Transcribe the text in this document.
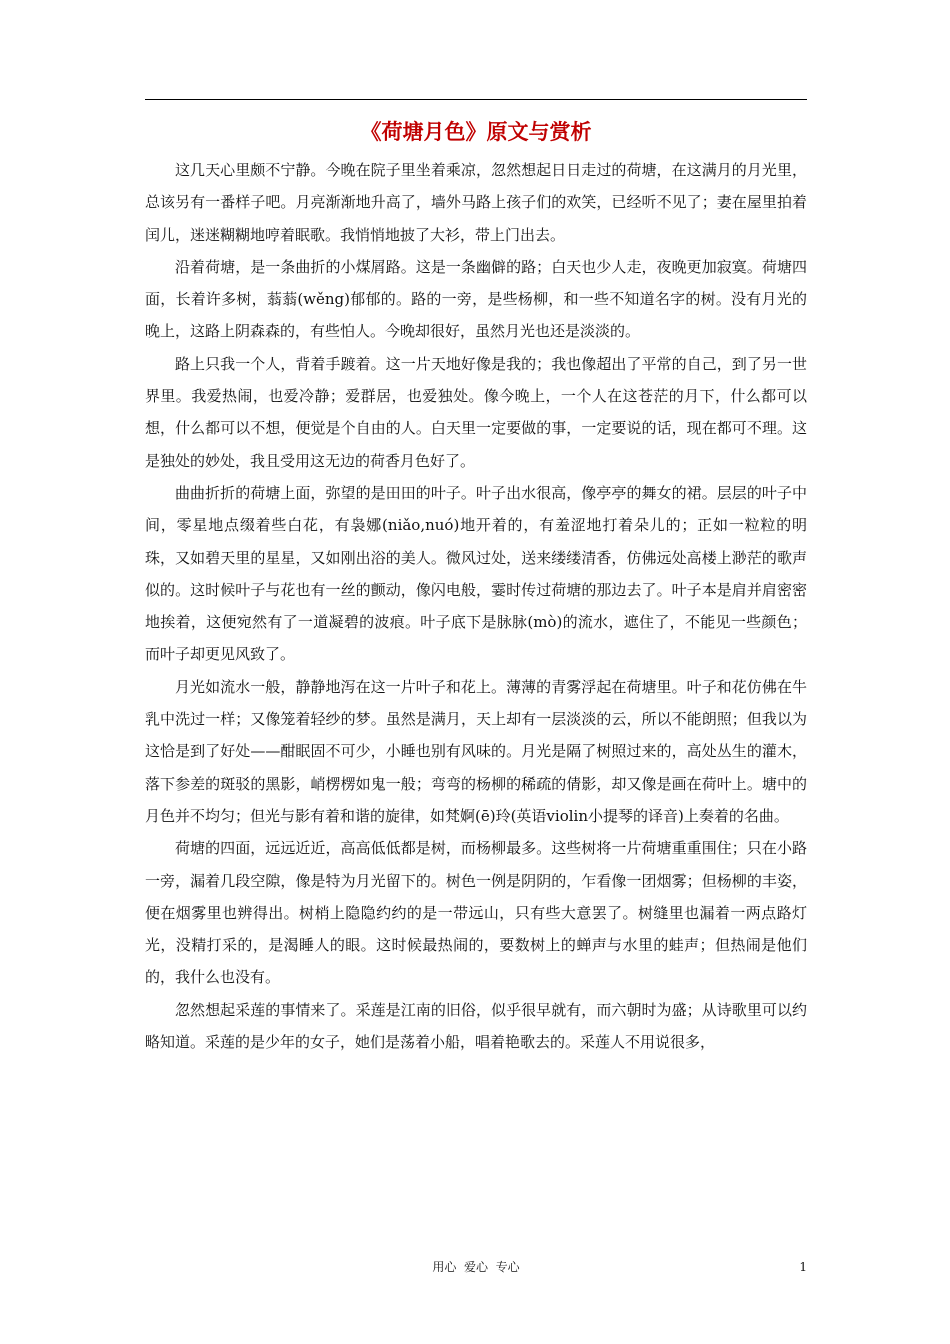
《荷塘月色》原文与赏析

这几天心里颇不宁静。今晚在院子里坐着乘凉，忽然想起日日走过的荷塘，在这满月的月光里，总该另有一番样子吧。月亮渐渐地升高了，墙外马路上孩子们的欢笑，已经听不见了；妻在屋里拍着闰儿，迷迷糊糊地哼着眠歌。我悄悄地披了大衫，带上门出去。

沿着荷塘，是一条曲折的小煤屑路。这是一条幽僻的路；白天也少人走，夜晚更加寂寞。荷塘四面，长着许多树，蓊蓊(wěng)郁郁的。路的一旁，是些杨柳，和一些不知道名字的树。没有月光的晚上，这路上阴森森的，有些怕人。今晚却很好，虽然月光也还是淡淡的。

路上只我一个人，背着手踱着。这一片天地好像是我的；我也像超出了平常的自己，到了另一世界里。我爱热闹，也爱冷静；爱群居，也爱独处。像今晚上，一个人在这苍茫的月下，什么都可以想，什么都可以不想，便觉是个自由的人。白天里一定要做的事，一定要说的话，现在都可不理。这是独处的妙处，我且受用这无边的荷香月色好了。

曲曲折折的荷塘上面，弥望的是田田的叶子。叶子出水很高，像亭亭的舞女的裙。层层的叶子中间，零星地点缀着些白花，有袅娜(niǎo,nuó)地开着的，有羞涩地打着朵儿的；正如一粒粒的明珠，又如碧天里的星星，又如刚出浴的美人。微风过处，送来缕缕清香，仿佛远处高楼上渺茫的歌声似的。这时候叶子与花也有一丝的颤动，像闪电般，霎时传过荷塘的那边去了。叶子本是肩并肩密密地挨着，这便宛然有了一道凝碧的波痕。叶子底下是脉脉(mò)的流水，遮住了，不能见一些颜色；而叶子却更见风致了。

月光如流水一般，静静地泻在这一片叶子和花上。薄薄的青雾浮起在荷塘里。叶子和花仿佛在牛乳中洗过一样；又像笼着轻纱的梦。虽然是满月，天上却有一层淡淡的云，所以不能朗照；但我以为这恰是到了好处——酣眠固不可少，小睡也别有风味的。月光是隔了树照过来的，高处丛生的灌木，落下参差的斑驳的黑影，峭楞楞如鬼一般；弯弯的杨柳的稀疏的倩影，却又像是画在荷叶上。塘中的月色并不均匀；但光与影有着和谐的旋律，如梵婀(ē)玲(英语violin小提琴的译音)上奏着的名曲。

荷塘的四面，远远近近，高高低低都是树，而杨柳最多。这些树将一片荷塘重重围住；只在小路一旁，漏着几段空隙，像是特为月光留下的。树色一例是阴阴的，乍看像一团烟雾；但杨柳的丰姿，便在烟雾里也辨得出。树梢上隐隐约约的是一带远山，只有些大意罢了。树缝里也漏着一两点路灯光，没精打采的，是渴睡人的眼。这时候最热闹的，要数树上的蝉声与水里的蛙声；但热闹是他们的，我什么也没有。

忽然想起采莲的事情来了。采莲是江南的旧俗，似乎很早就有，而六朝时为盛；从诗歌里可以约略知道。采莲的是少年的女子，她们是荡着小船，唱着艳歌去的。采莲人不用说很多，

用心  爱心  专心	1
